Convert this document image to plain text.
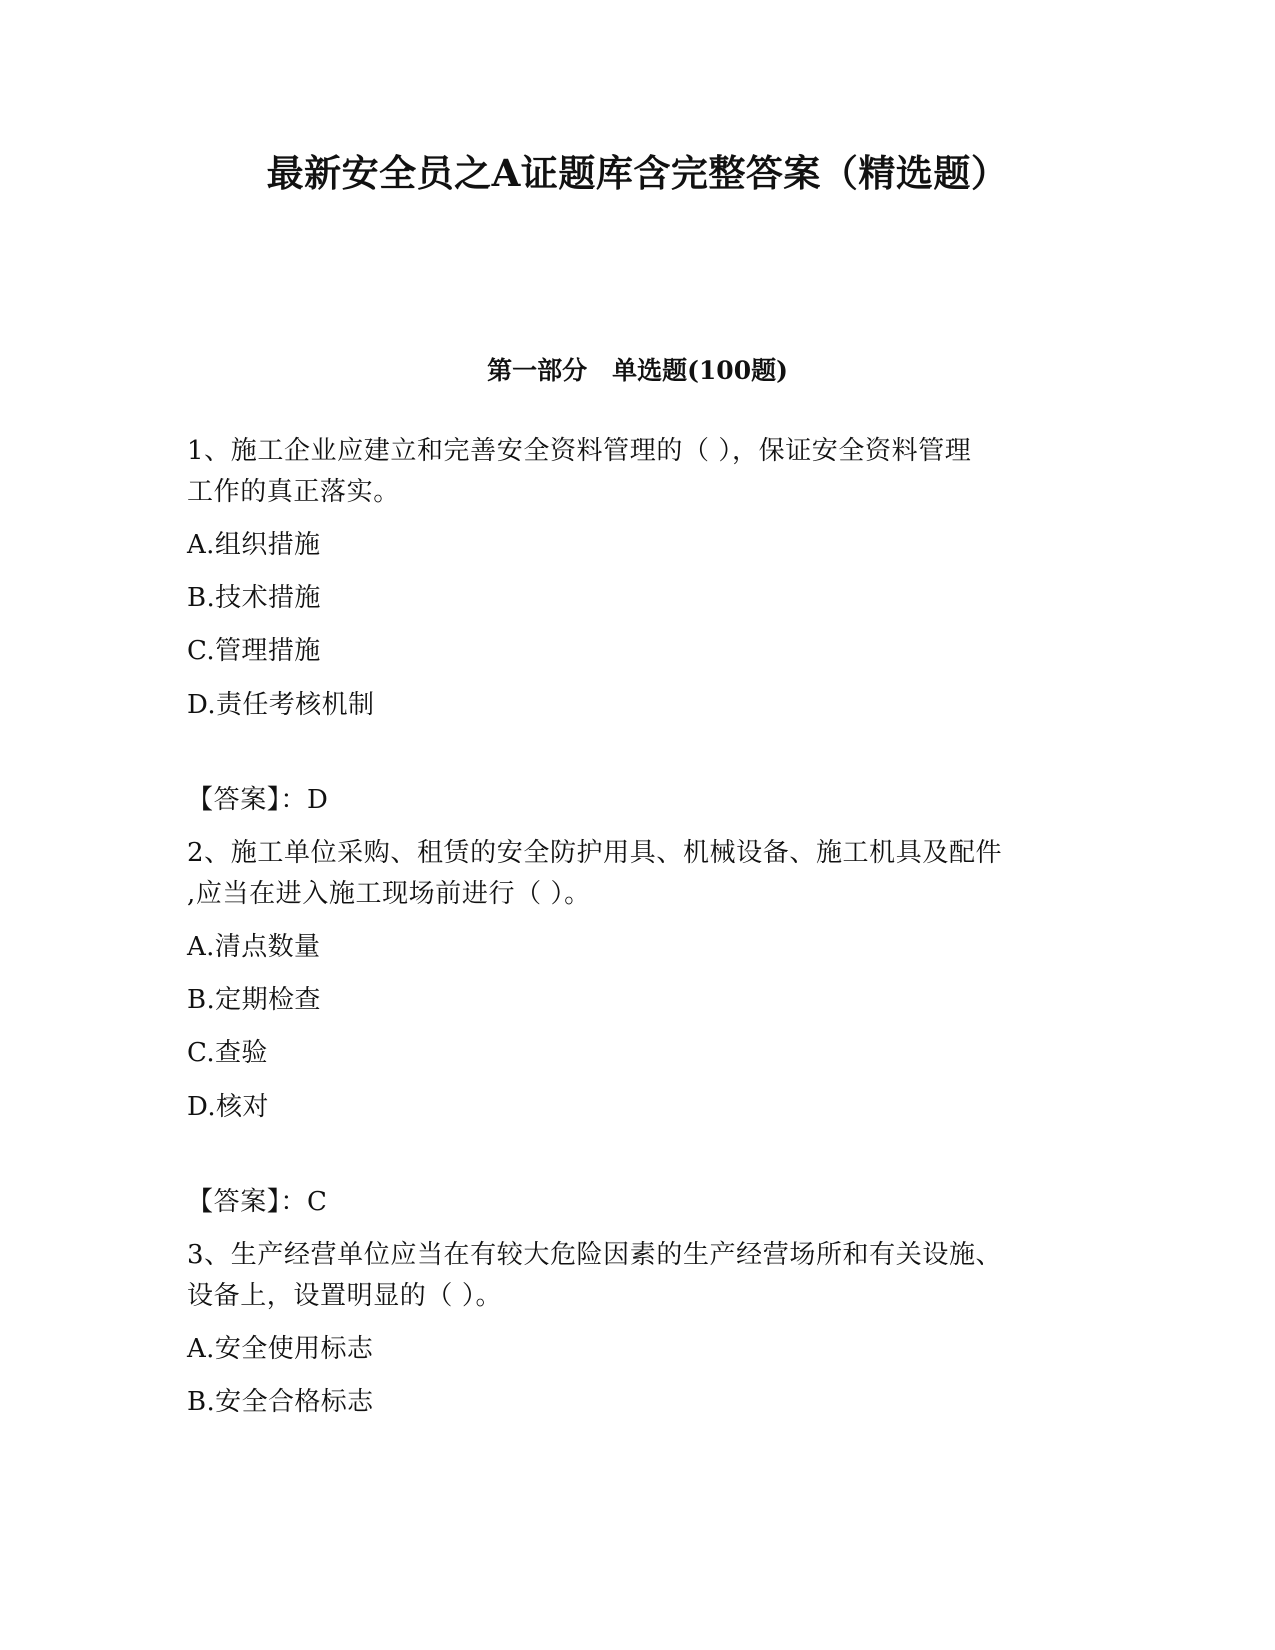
最新安全员之A证题库含完整答案（精选题）
第一部分　单选题(100题)

1、施工企业应建立和完善安全资料管理的（ ），保证安全资料管理

工作的真正落实。

A.组织措施

B.技术措施

C.管理措施

D.责任考核机制

【答案】：D

2、施工单位采购、租赁的安全防护用具、机械设备、施工机具及配件

,应当在进入施工现场前进行（ ）。

A.清点数量

B.定期检查

C.查验

D.核对

【答案】：C

3、生产经营单位应当在有较大危险因素的生产经营场所和有关设施、

设备上，设置明显的（ ）。

A.安全使用标志

B.安全合格标志
